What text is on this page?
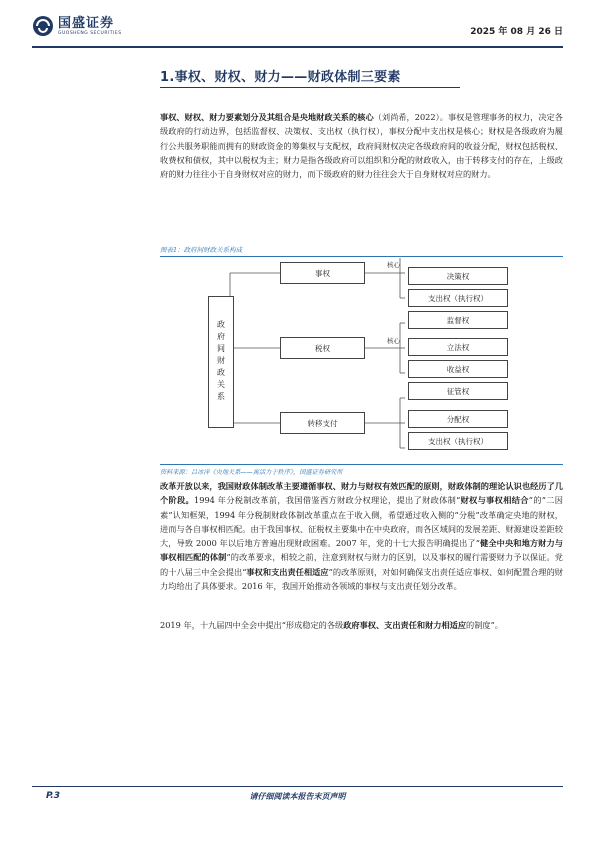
国盛证券
GUOSHENG SECURITIES	2025 年 08 月 26 日
1.事权、财权、财力——财政体制三要素
事权、财权、财力要素划分及其组合是央地财政关系的核心（刘尚希，2022）。事权是管理事务的权力，决定各级政府的行动边界，包括监督权、决策权、支出权（执行权），事权分配中支出权是核心；财权是各级政府为履行公共服务职能而拥有的财政资金的筹集权与支配权，政府间财权决定各级政府间的收益分配，财权包括税权、收费权和债权，其中以税权为主；财力是指各级政府可以组织和分配的财政收入，由于转移支付的存在，上级政府的财力往往小于自身财权对应的财力，而下级政府的财力往往会大于自身财权对应的财力。
图表1：政府间财政关系构成
政府间财政关系
事权
税权
转移支付
核心
核心
决策权
支出权（执行权）
监督权
立法权
收益权
征管权
分配权
支出权（执行权）
资料来源：吕冰洋《央地关系——寓活力于秩序》，国盛证券研究所
改革开放以来，我国财政体制改革主要遵循事权、财力与财权有效匹配的原则，财政体制的理论认识也经历了几个阶段。1994 年分税制改革前，我国借鉴西方财政分权理论，提出了财政体制“财权与事权相结合”的“二因素”认知框架，1994 年分税制财政体制改革重点在于收入侧，希望通过收入侧的“分税”改革确定央地的财权，进而与各自事权相匹配。由于我国事权、征税权主要集中在中央政府，而各区域间的发展差距、财源建设差距较大，导致 2000 年以后地方普遍出现财政困难。2007 年，党的十七大报告明确提出了“健全中央和地方财力与事权相匹配的体制”的改革要求，相较之前，注意到财权与财力的区别，以及事权的履行需要财力予以保证。党的十八届三中全会提出“事权和支出责任相适应”的改革原则，对如何确保支出责任适应事权、如何配置合理的财力均给出了具体要求。2016 年，我国开始推动各领域的事权与支出责任划分改革。
2019 年，十九届四中全会中提出“形成稳定的各级政府事权、支出责任和财力相适应的制度”。
P.3	请仔细阅读本报告末页声明
